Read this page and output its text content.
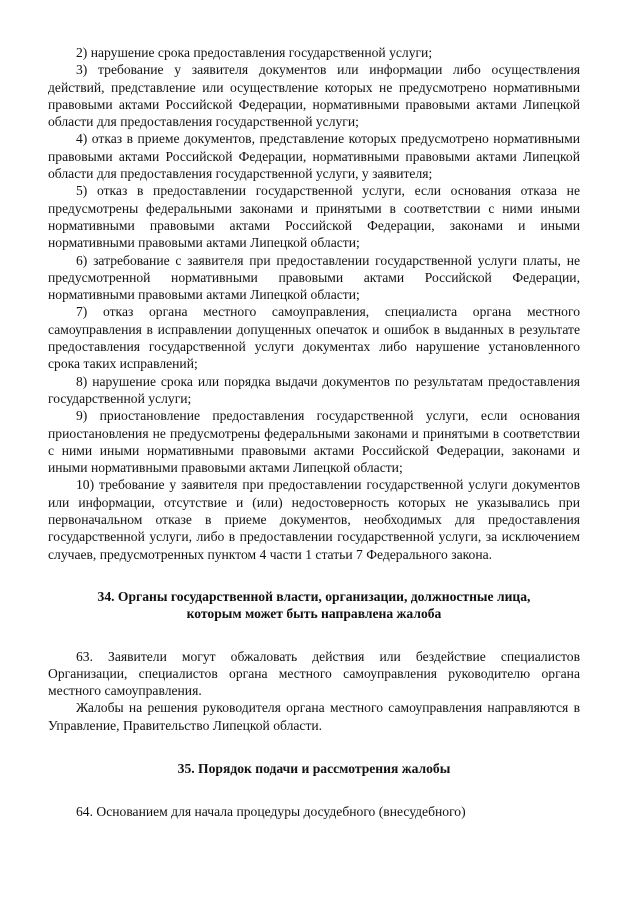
2) нарушение срока предоставления государственной услуги;

3) требование у заявителя документов или информации либо осуществления действий, представление или осуществление которых не предусмотрено нормативными правовыми актами Российской Федерации, нормативными правовыми актами Липецкой области для предоставления государственной услуги;

4) отказ в приеме документов, представление которых предусмотрено нормативными правовыми актами Российской Федерации, нормативными правовыми актами Липецкой области для предоставления государственной услуги, у заявителя;

5) отказ в предоставлении государственной услуги, если основания отказа не предусмотрены федеральными законами и принятыми в соответствии с ними иными нормативными правовыми актами Российской Федерации, законами и иными нормативными правовыми актами Липецкой области;

6) затребование с заявителя при предоставлении государственной услуги платы, не предусмотренной нормативными правовыми актами Российской Федерации, нормативными правовыми актами Липецкой области;

7) отказ органа местного самоуправления, специалиста органа местного самоуправления в исправлении допущенных опечаток и ошибок в выданных в результате предоставления государственной услуги документах либо нарушение установленного срока таких исправлений;

8) нарушение срока или порядка выдачи документов по результатам предоставления государственной услуги;

9) приостановление предоставления государственной услуги, если основания приостановления не предусмотрены федеральными законами и принятыми в соответствии с ними иными нормативными правовыми актами Российской Федерации, законами и иными нормативными правовыми актами Липецкой области;

10) требование у заявителя при предоставлении государственной услуги документов или информации, отсутствие и (или) недостоверность которых не указывались при первоначальном отказе в приеме документов, необходимых для предоставления государственной услуги, либо в предоставлении государственной услуги, за исключением случаев, предусмотренных пунктом 4 части 1 статьи 7 Федерального закона.

34. Органы государственной власти, организации, должностные лица, которым может быть направлена жалоба

63. Заявители могут обжаловать действия или бездействие специалистов Организации, специалистов органа местного самоуправления руководителю органа местного самоуправления.

Жалобы на решения руководителя органа местного самоуправления направляются в Управление, Правительство Липецкой области.

35. Порядок подачи и рассмотрения жалобы

64. Основанием для начала процедуры досудебного (внесудебного)
